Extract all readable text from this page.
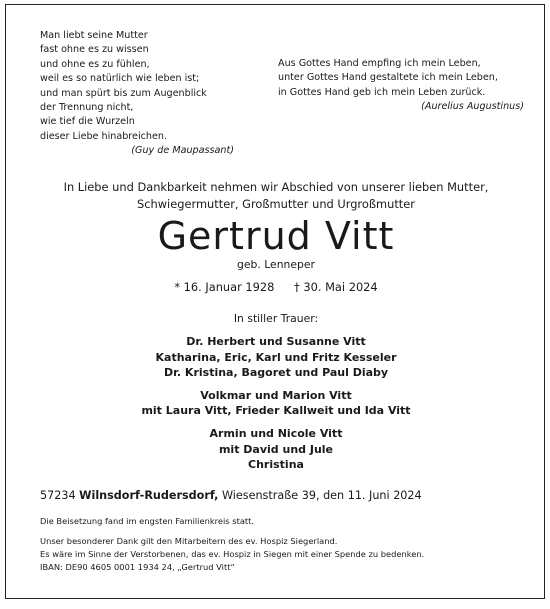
Man liebt seine Mutter
fast ohne es zu wissen
und ohne es zu fühlen,
weil es so natürlich wie leben ist;
und man spürt bis zum Augenblick
der Trennung nicht,
wie tief die Wurzeln
dieser Liebe hinabreichen.
(Guy de Maupassant)
Aus Gottes Hand empfing ich mein Leben,
unter Gottes Hand gestaltete ich mein Leben,
in Gottes Hand geb ich mein Leben zurück.
(Aurelius Augustinus)
In Liebe und Dankbarkeit nehmen wir Abschied von unserer lieben Mutter,
Schwiegermutter, Großmutter und Urgroßmutter
Gertrud Vitt
geb. Lenneper
* 16. Januar 1928 † 30. Mai 2024
In stiller Trauer:
Dr. Herbert und Susanne Vitt
Katharina, Eric, Karl und Fritz Kesseler
Dr. Kristina, Bagoret und Paul Diaby
Volkmar und Marion Vitt
mit Laura Vitt, Frieder Kallweit und Ida Vitt
Armin und Nicole Vitt
mit David und Jule
Christina
57234 Wilnsdorf-Rudersdorf, Wiesenstraße 39, den 11. Juni 2024
Die Beisetzung fand im engsten Familienkreis statt.
Unser besonderer Dank gilt den Mitarbeitern des ev. Hospiz Siegerland.
Es wäre im Sinne der Verstorbenen, das ev. Hospiz in Siegen mit einer Spende zu bedenken.
IBAN: DE90 4605 0001 1934 24, „Gertrud Vitt“
